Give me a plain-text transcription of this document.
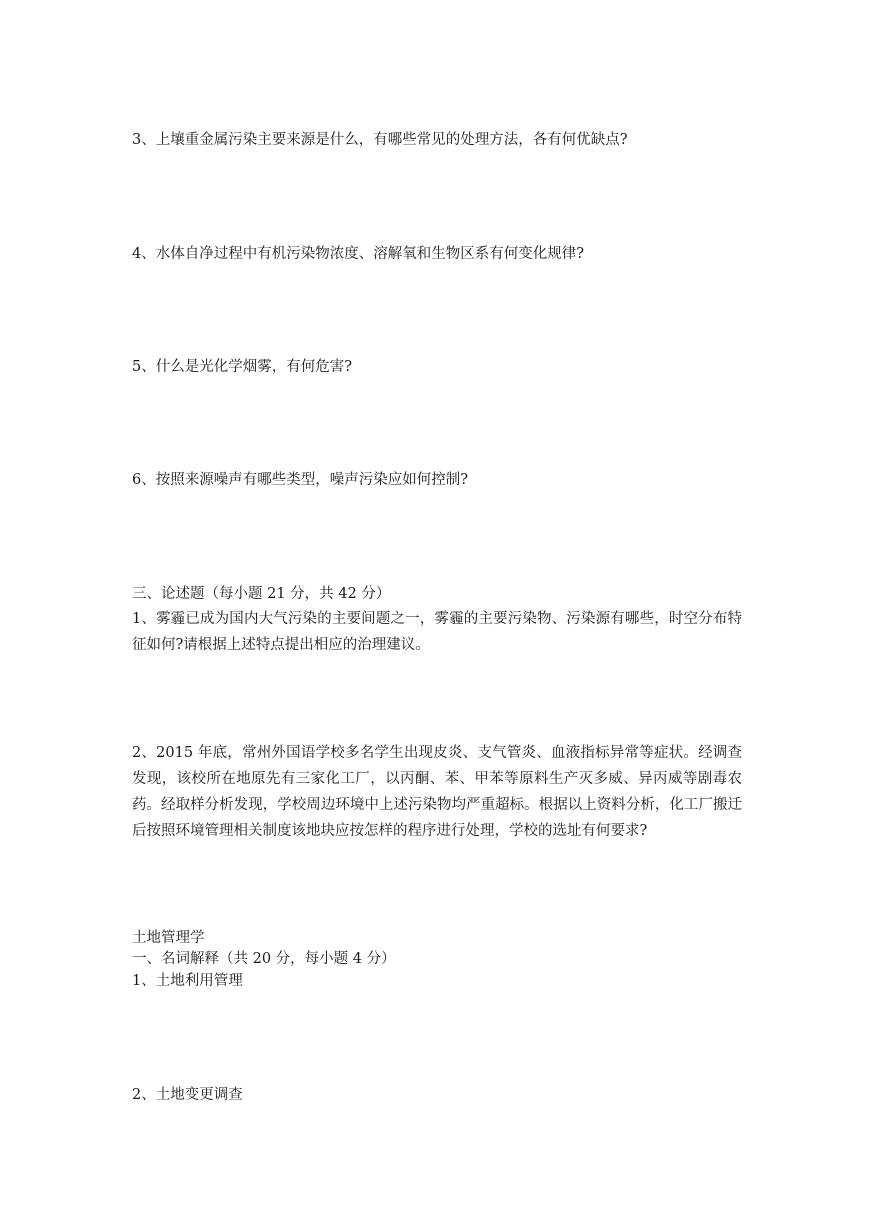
3、上壤重金属污染主要来源是什么，有哪些常见的处理方法，各有何优缺点?
4、水体自净过程中有机污染物浓度、溶解氧和生物区系有何变化规律?
5、什么是光化学烟雾，有何危害?
6、按照来源噪声有哪些类型，噪声污染应如何控制?
三、论述题（每小题 21 分，共 42 分）
1、雾霾已成为国内大气污染的主要间题之一，雾霾的主要污染物、污染源有哪些，时空分布特征如何?请根据上述特点提出相应的治理建议。
2、2015 年底，常州外国语学校多名学生出现皮炎、支气管炎、血液指标异常等症状。经调查发现，该校所在地原先有三家化工厂，以丙酮、苯、甲苯等原料生产灭多威、异丙威等剧毒农药。经取样分析发现，学校周边环境中上述污染物均严重超标。根据以上资料分析，化工厂搬迁后按照环境管理相关制度该地块应按怎样的程序进行处理，学校的选址有何要求?
土地管理学
一、名词解释（共 20 分，每小题 4 分）
1、土地利用管理
2、土地变更调查
